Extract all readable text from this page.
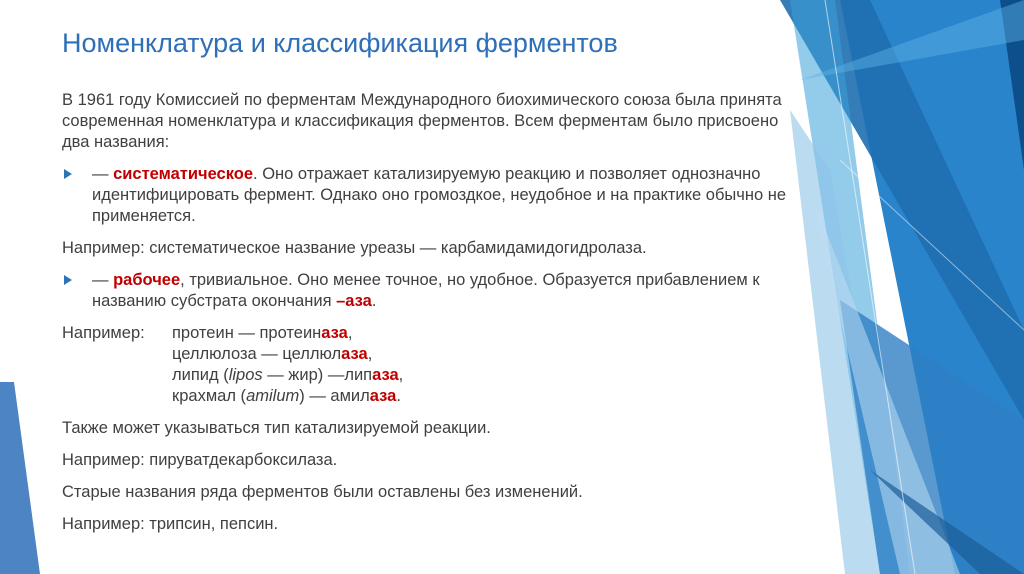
Номенклатура и классификация ферментов

В 1961 году Комиссией по ферментам Международного биохимического союза была принята современная номенклатура и классификация ферментов. Всем ферментам было присвоено два названия:

— систематическое. Оно отражает катализируемую реакцию и позволяет однозначно идентифицировать фермент. Однако оно громоздкое, неудобное и на практике обычно не применяется.

Например: систематическое название уреазы — карбамидамидогидролаза.

— рабочее, тривиальное. Оно менее точное, но удобное. Образуется прибавлением к названию субстрата окончания –аза.
Например:	протеин — протеиназа,
целлюлоза — целлюлаза,
липид (lipos — жир) —липаза,
крахмал (amilum) — амилаза.

Также может указываться тип катализируемой реакции.

Например: пируватдекарбоксилаза.

Старые названия ряда ферментов были оставлены без изменений.

Например: трипсин, пепсин.
